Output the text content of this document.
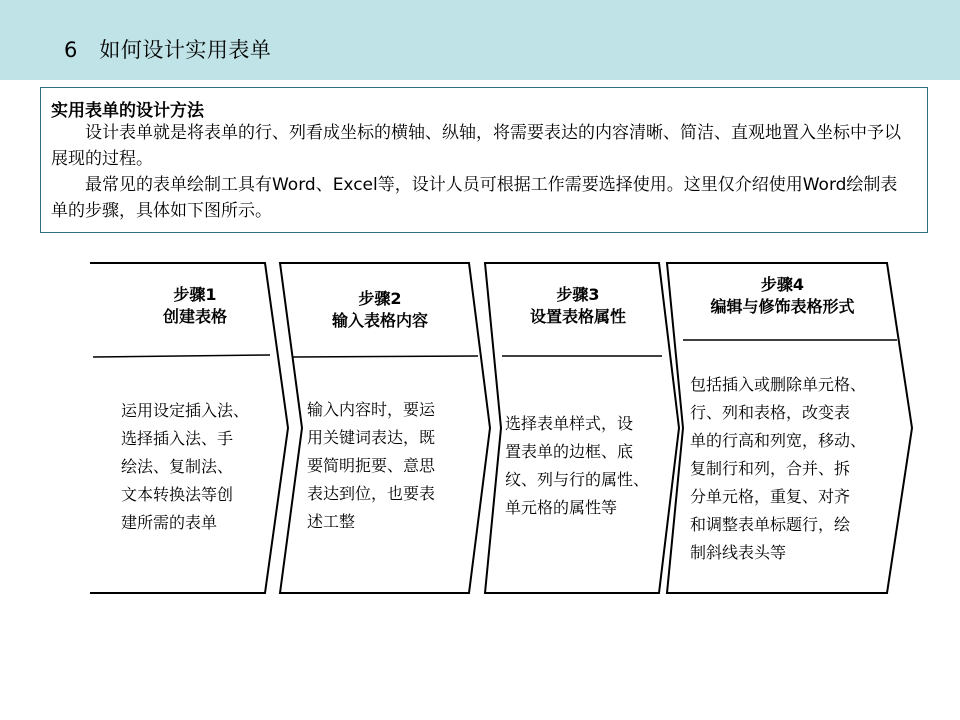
6　如何设计实用表单
实用表单的设计方法
设计表单就是将表单的行、列看成坐标的横轴、纵轴，将需要表达的内容清晰、简洁、直观地置入坐标中予以展现的过程。
最常见的表单绘制工具有Word、Excel等，设计人员可根据工作需要选择使用。这里仅介绍使用Word绘制表单的步骤，具体如下图所示。
步骤1
创建表格
运用设定插入法、
选择插入法、手
绘法、复制法、
文本转换法等创
建所需的表单
步骤2
输入表格内容
输入内容时，要运
用关键词表达，既
要简明扼要、意思
表达到位，也要表
述工整
步骤3
设置表格属性
选择表单样式，设
置表单的边框、底
纹、列与行的属性、
单元格的属性等
步骤4
编辑与修饰表格形式
包括插入或删除单元格、
行、列和表格，改变表
单的行高和列宽，移动、
复制行和列，合并、拆
分单元格，重复、对齐
和调整表单标题行，绘
制斜线表头等
